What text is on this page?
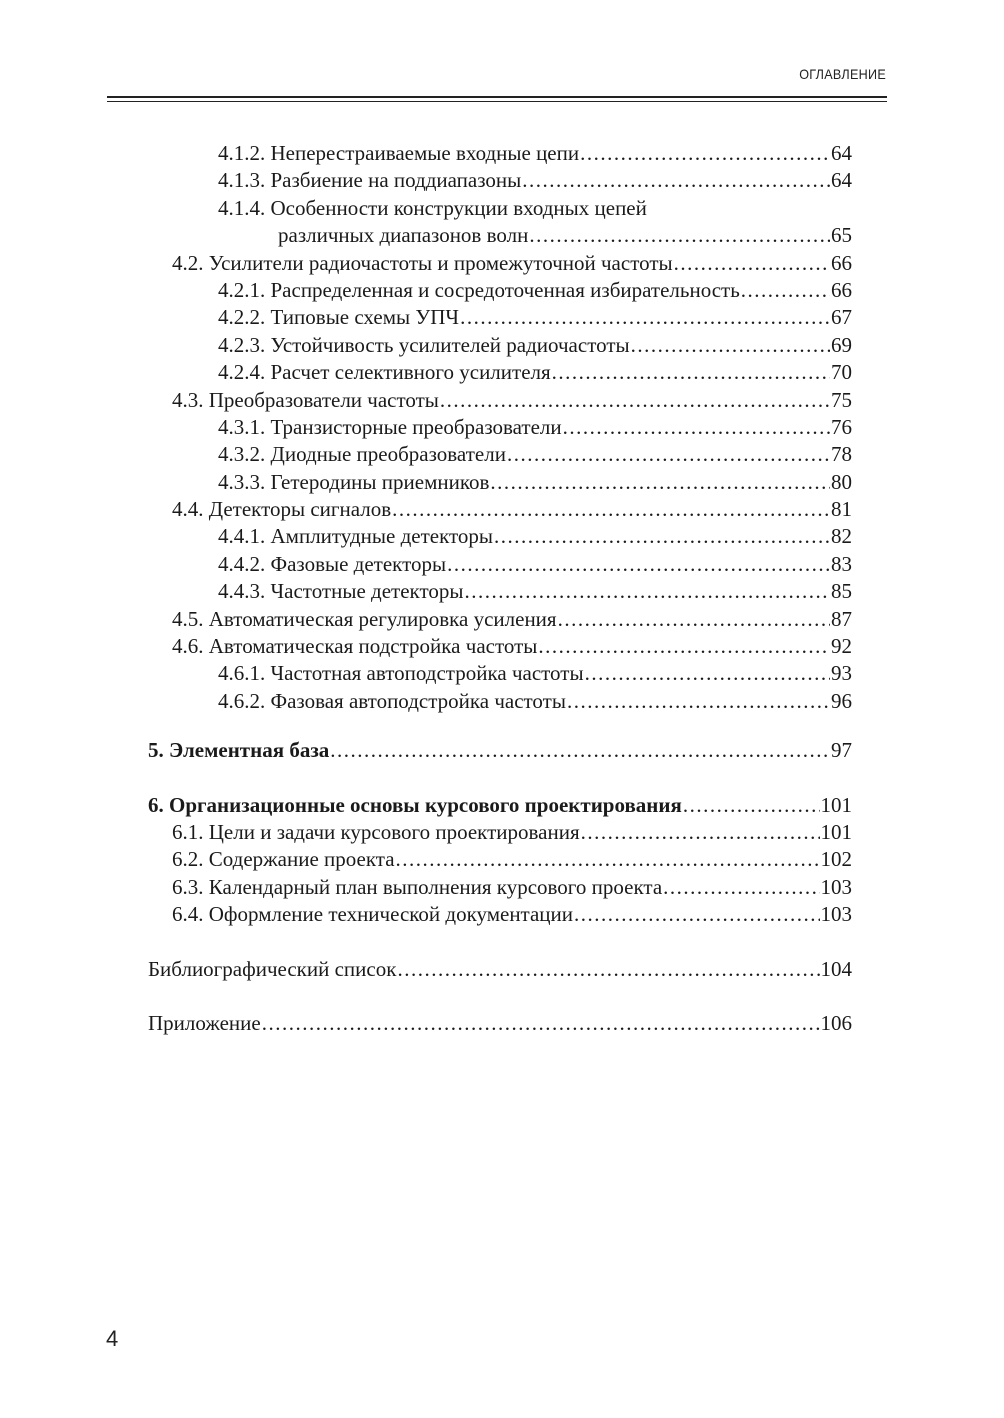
ОГЛАВЛЕНИЕ
4.1.2. Неперестраиваемые входные цепи .....	64
4.1.3. Разбиение на поддиапазоны .....	64
4.1.4. Особенности конструкции входных цепей
различных диапазонов волн .....	65
4.2. Усилители радиочастоты и промежуточной частоты .....	66
4.2.1. Распределенная и сосредоточенная избирательность .....	66
4.2.2. Типовые схемы УПЧ .....	67
4.2.3. Устойчивость усилителей радиочастоты .....	69
4.2.4. Расчет селективного усилителя .....	70
4.3. Преобразователи частоты .....	75
4.3.1. Транзисторные преобразователи .....	76
4.3.2. Диодные преобразователи .....	78
4.3.3. Гетеродины приемников .....	80
4.4. Детекторы сигналов .....	81
4.4.1. Амплитудные детекторы .....	82
4.4.2. Фазовые детекторы .....	83
4.4.3. Частотные детекторы .....	85
4.5. Автоматическая регулировка усиления .....	87
4.6. Автоматическая подстройка частоты .....	92
4.6.1. Частотная автоподстройка частоты .....	93
4.6.2. Фазовая автоподстройка частоты .....	96
5. Элементная база .....	97
6. Организационные основы курсового проектирования .....	101
6.1. Цели и задачи курсового проектирования .....	101
6.2. Содержание проекта .....	102
6.3. Календарный план выполнения курсового проекта .....	103
6.4. Оформление технической документации .....	103
Библиографический список .....	104
Приложение .....	106
4
